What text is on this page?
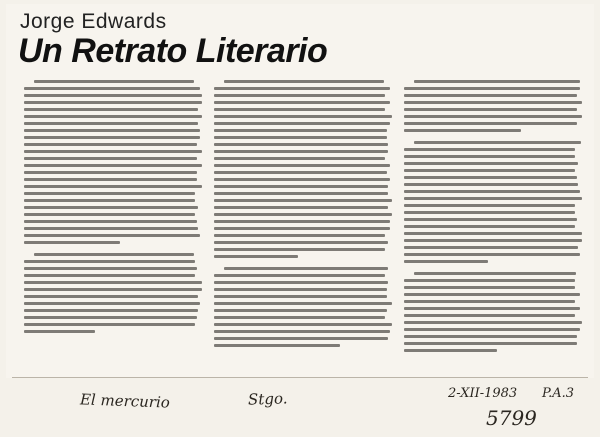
Jorge Edwards
Un Retrato Literario
El mercurio	Stgo.	2-XII-1983 P.A.3
5799
